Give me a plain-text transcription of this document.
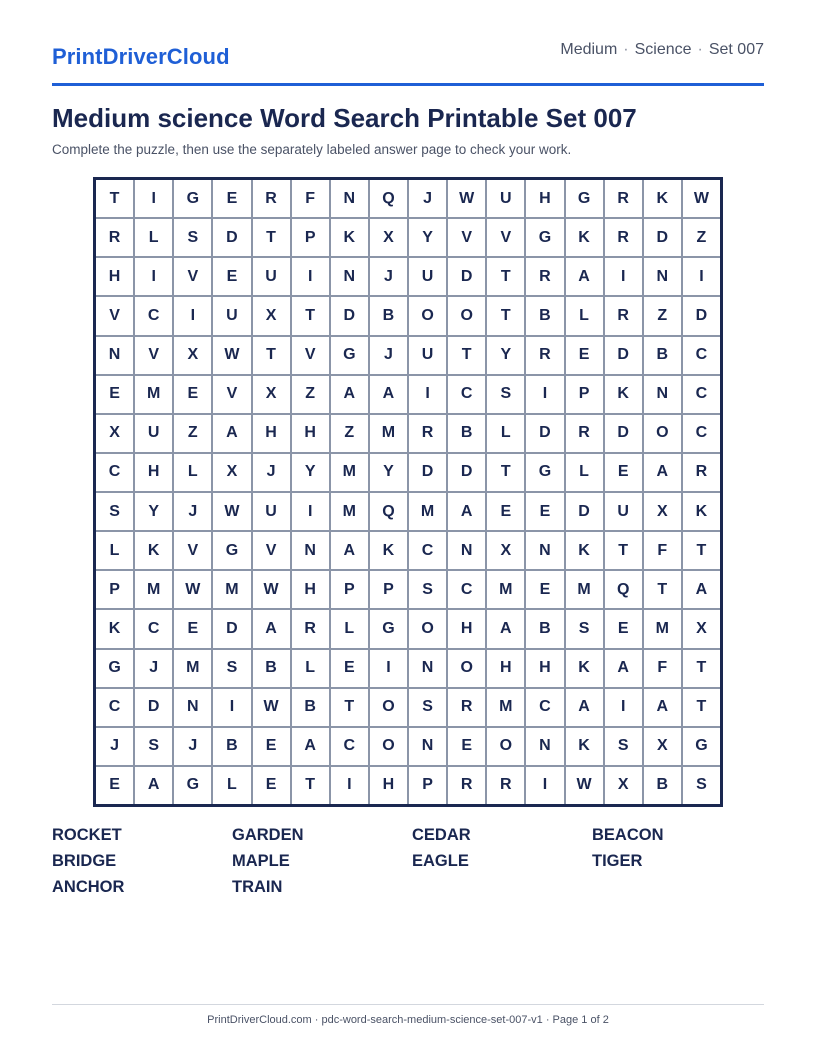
PrintDriverCloud	Medium · Science · Set 007
Medium science Word Search Printable Set 007
Complete the puzzle, then use the separately labeled answer page to check your work.
T	I	G	E	R	F	N	Q	J	W	U	H	G	R	K	W
R	L	S	D	T	P	K	X	Y	V	V	G	K	R	D	Z
H	I	V	E	U	I	N	J	U	D	T	R	A	I	N	I
V	C	I	U	X	T	D	B	O	O	T	B	L	R	Z	D
N	V	X	W	T	V	G	J	U	T	Y	R	E	D	B	C
E	M	E	V	X	Z	A	A	I	C	S	I	P	K	N	C
X	U	Z	A	H	H	Z	M	R	B	L	D	R	D	O	C
C	H	L	X	J	Y	M	Y	D	D	T	G	L	E	A	R
S	Y	J	W	U	I	M	Q	M	A	E	E	D	U	X	K
L	K	V	G	V	N	A	K	C	N	X	N	K	T	F	T
P	M	W	M	W	H	P	P	S	C	M	E	M	Q	T	A
K	C	E	D	A	R	L	G	O	H	A	B	S	E	M	X
G	J	M	S	B	L	E	I	N	O	H	H	K	A	F	T
C	D	N	I	W	B	T	O	S	R	M	C	A	I	A	T
J	S	J	B	E	A	C	O	N	E	O	N	K	S	X	G
E	A	G	L	E	T	I	H	P	R	R	I	W	X	B	S
ROCKET	GARDEN	CEDAR	BEACON
BRIDGE	MAPLE	EAGLE	TIGER
ANCHOR	TRAIN
PrintDriverCloud.com · pdc-word-search-medium-science-set-007-v1 · Page 1 of 2
